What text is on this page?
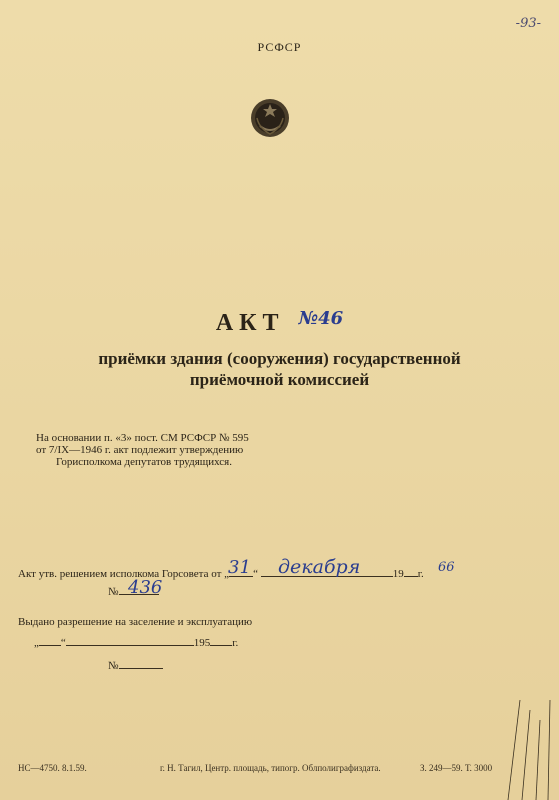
-93-
РСФСР
АКТ $^{№46}$
приёмки здания (сооружения) государственной
приёмочной комиссией
На основании п. «3» пост. СМ РСФСР № 595
от 7/IX—1946 г. акт подлежит утверждению
Горисполкома депутатов трудящихся.
Акт утв. решением исполкома Горсовета от „ “	19 г.
31 декабря	66
№ 436
Выдано разрешение на заселение и эксплуатацию
„ “	195 г.
№
НС—4750. 8.1.59.	г. Н. Тагил, Центр. площадь, типогр. Облполиграфиздата.	З. 249—59. Т. 3000
